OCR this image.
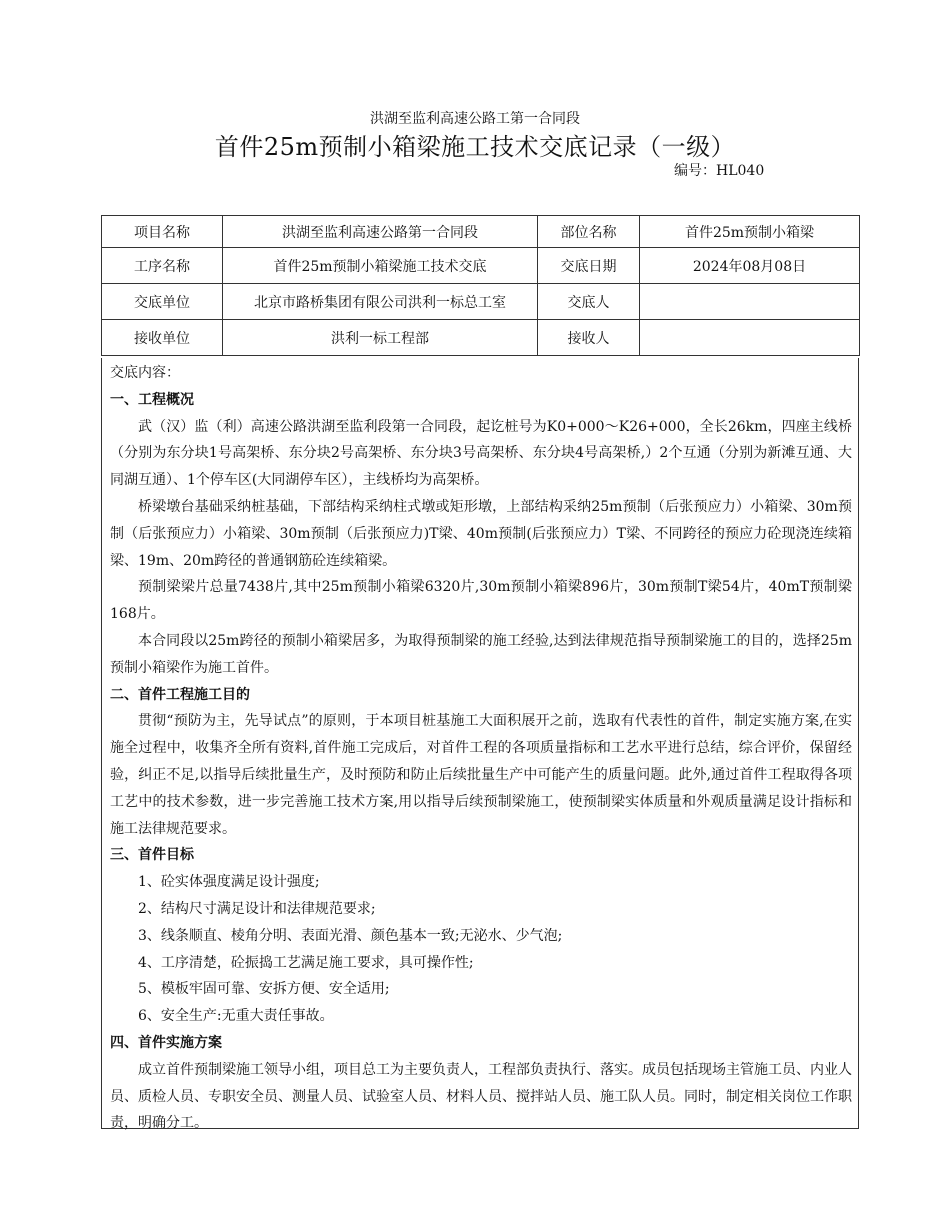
洪湖至监利高速公路工第一合同段
首件25m预制小箱梁施工技术交底记录（一级）
编号：HL040
项目名称	洪湖至监利高速公路第一合同段	部位名称	首件25m预制小箱梁
工序名称	首件25m预制小箱梁施工技术交底	交底日期	2024年08月08日
交底单位	北京市路桥集团有限公司洪利一标总工室	交底人	
接收单位	洪利一标工程部	接收人	

交底内容：

一、工程概况

武（汉）监（利）高速公路洪湖至监利段第一合同段，起讫桩号为K0+000～K26+000，全长26km，四座主线桥（分别为东分块1号高架桥、东分块2号高架桥、东分块3号高架桥、东分块4号高架桥,）2个互通（分别为新滩互通、大同湖互通）、1个停车区(大同湖停车区），主线桥均为高架桥。

桥梁墩台基础采纳桩基础，下部结构采纳柱式墩或矩形墩，上部结构采纳25m预制（后张预应力）小箱梁、30m预制（后张预应力）小箱梁、30m预制（后张预应力)T梁、40m预制(后张预应力）T梁、不同跨径的预应力砼现浇连续箱梁、19m、20m跨径的普通钢筋砼连续箱梁。

预制梁梁片总量7438片,其中25m预制小箱梁6320片,30m预制小箱梁896片，30m预制T梁54片，40mT预制梁168片。

本合同段以25m跨径的预制小箱梁居多，为取得预制梁的施工经验,达到法律规范指导预制梁施工的目的，选择25m预制小箱梁作为施工首件。

二、首件工程施工目的

贯彻“预防为主，先导试点”的原则，于本项目桩基施工大面积展开之前，选取有代表性的首件，制定实施方案,在实施全过程中，收集齐全所有资料,首件施工完成后，对首件工程的各项质量指标和工艺水平进行总结，综合评价，保留经验，纠正不足,以指导后续批量生产，及时预防和防止后续批量生产中可能产生的质量问题。此外,通过首件工程取得各项工艺中的技术参数，进一步完善施工技术方案,用以指导后续预制梁施工，使预制梁实体质量和外观质量满足设计指标和施工法律规范要求。

三、首件目标

1、砼实体强度满足设计强度;

2、结构尺寸满足设计和法律规范要求;

3、线条顺直、棱角分明、表面光滑、颜色基本一致;无泌水、少气泡;

4、工序清楚，砼振捣工艺满足施工要求，具可操作性;

5、模板牢固可靠、安拆方便、安全适用;

6、安全生产:无重大责任事故。

四、首件实施方案

成立首件预制梁施工领导小组，项目总工为主要负责人，工程部负责执行、落实。成员包括现场主管施工员、内业人员、质检人员、专职安全员、测量人员、试验室人员、材料人员、搅拌站人员、施工队人员。同时，制定相关岗位工作职责，明确分工。
